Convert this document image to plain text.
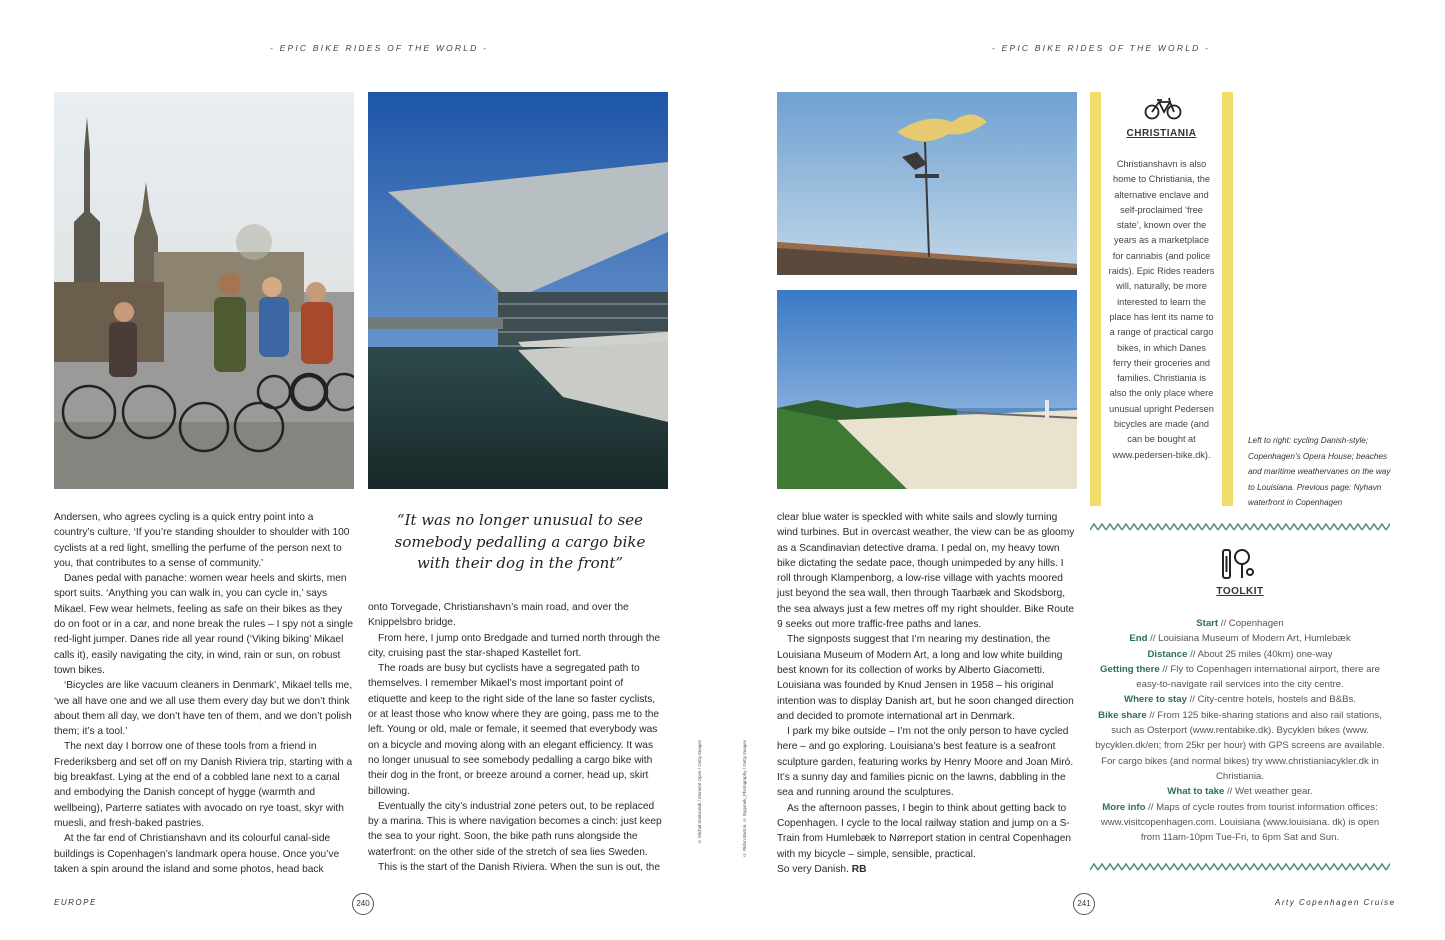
- EPIC BIKE RIDES OF THE WORLD -	- EPIC BIKE RIDES OF THE WORLD -

Andersen, who agrees cycling is a quick entry point into a country’s culture. ‘If you’re standing shoulder to shoulder with 100 cyclists at a red light, smelling the perfume of the person next to you, that contributes to a sense of community.’

Danes pedal with panache: women wear heels and skirts, men sport suits. ‘Anything you can walk in, you can cycle in,’ says Mikael. Few wear helmets, feeling as safe on their bikes as they do on foot or in a car, and none break the rules – I spy not a single red-light jumper. Danes ride all year round (‘Viking biking’ Mikael calls it), easily navigating the city, in wind, rain or sun, on robust town bikes.

‘Bicycles are like vacuum cleaners in Denmark’, Mikael tells me, ‘we all have one and we all use them every day but we don’t think about them all day, we don’t have ten of them, and we don’t polish them; it’s a tool.’

The next day I borrow one of these tools from a friend in Frederiksberg and set off on my Danish Riviera trip, starting with a big breakfast. Lying at the end of a cobbled lane next to a canal and embodying the Danish concept of hygge (warmth and wellbeing), Parterre satiates with avocado on rye toast, skyr with muesli, and fresh-baked pastries.

At the far end of Christianshavn and its colourful canal-side buildings is Copenhagen’s landmark opera house. Once you’ve taken a spin around the island and some photos, head back

“It was no longer unusual to see somebody pedalling a cargo bike with their dog in the front”

onto Torvegade, Christianshavn’s main road, and over the Knippelsbro bridge.

From here, I jump onto Bredgade and turned north through the city, cruising past the star-shaped Kastellet fort.

The roads are busy but cyclists have a segregated path to themselves. I remember Mikael’s most important point of etiquette and keep to the right side of the lane so faster cyclists, or at least those who know where they are going, pass me to the left. Young or old, male or female, it seemed that everybody was on a bicycle and moving along with an elegant efficiency. It was no longer unusual to see somebody pedalling a cargo bike with their dog in the front, or breeze around a corner, head up, skirt billowing.

Eventually the city’s industrial zone peters out, to be replaced by a marina. This is where navigation becomes a cinch: just keep the sea to your right. Soon, the bike path runs alongside the waterfront: on the other side of the stretch of sea lies Sweden.

This is the start of the Danish Riviera. When the sun is out, the

© Michał Krakowiak / Moment Open / Getty Images	© Ridon Barton, © Bygonek_Photography / Getty Images

clear blue water is speckled with white sails and slowly turning wind turbines. But in overcast weather, the view can be as gloomy as a Scandinavian detective drama. I pedal on, my heavy town bike dictating the sedate pace, though unimpeded by any hills. I roll through Klampenborg, a low-rise village with yachts moored just beyond the sea wall, then through Taarbæk and Skodsborg, the sea always just a few metres off my right shoulder. Bike Route 9 seeks out more traffic-free paths and lanes.

The signposts suggest that I’m nearing my destination, the Louisiana Museum of Modern Art, a long and low white building best known for its collection of works by Alberto Giacometti. Louisiana was founded by Knud Jensen in 1958 – his original intention was to display Danish art, but he soon changed direction and decided to promote international art in Denmark.

I park my bike outside – I’m not the only person to have cycled here – and go exploring. Louisiana’s best feature is a seafront sculpture garden, featuring works by Henry Moore and Joan Miró. It’s a sunny day and families picnic on the lawns, dabbling in the sea and running around the sculptures.

As the afternoon passes, I begin to think about getting back to Copenhagen. I cycle to the local railway station and jump on a S-Train from Humlebæk to Nørreport station in central Copenhagen with my bicycle – simple, sensible, practical.

So very Danish. RB

CHRISTIANIA
Christianshavn is also home to Christiania, the alternative enclave and self-proclaimed ‘free state’, known over the years as a marketplace for cannabis (and police raids). Epic Rides readers will, naturally, be more interested to learn the place has lent its name to a range of practical cargo bikes, in which Danes ferry their groceries and families. Christiania is also the only place where unusual upright Pedersen bicycles are made (and can be bought at www.pedersen-bike.dk).
Left to right: cycling Danish-style; Copenhagen’s Opera House; beaches and maritime weathervanes on the way to Louisiana. Previous page: Nyhavn waterfront in Copenhagen
TOOLKIT
Start // Copenhagen
End // Louisiana Museum of Modern Art, Humlebæk
Distance // About 25 miles (40km) one-way
Getting there // Fly to Copenhagen international airport, there are easy-to-navigate rail services into the city centre.
Where to stay // City-centre hotels, hostels and B&Bs.
Bike share // From 125 bike-sharing stations and also rail stations, such as Osterport (www.rentabike.dk). Bycyklen bikes (www. bycyklen.dk/en; from 25kr per hour) with GPS screens are available. For cargo bikes (and normal bikes) try www.christianiacykler.dk in Christiania.
What to take // Wet weather gear.
More info // Maps of cycle routes from tourist information offices: www.visitcopenhagen.com. Louisiana (www.louisiana. dk) is open from 11am-10pm Tue-Fri, to 6pm Sat and Sun.
EUROPE	240	241	Arty Copenhagen Cruise
